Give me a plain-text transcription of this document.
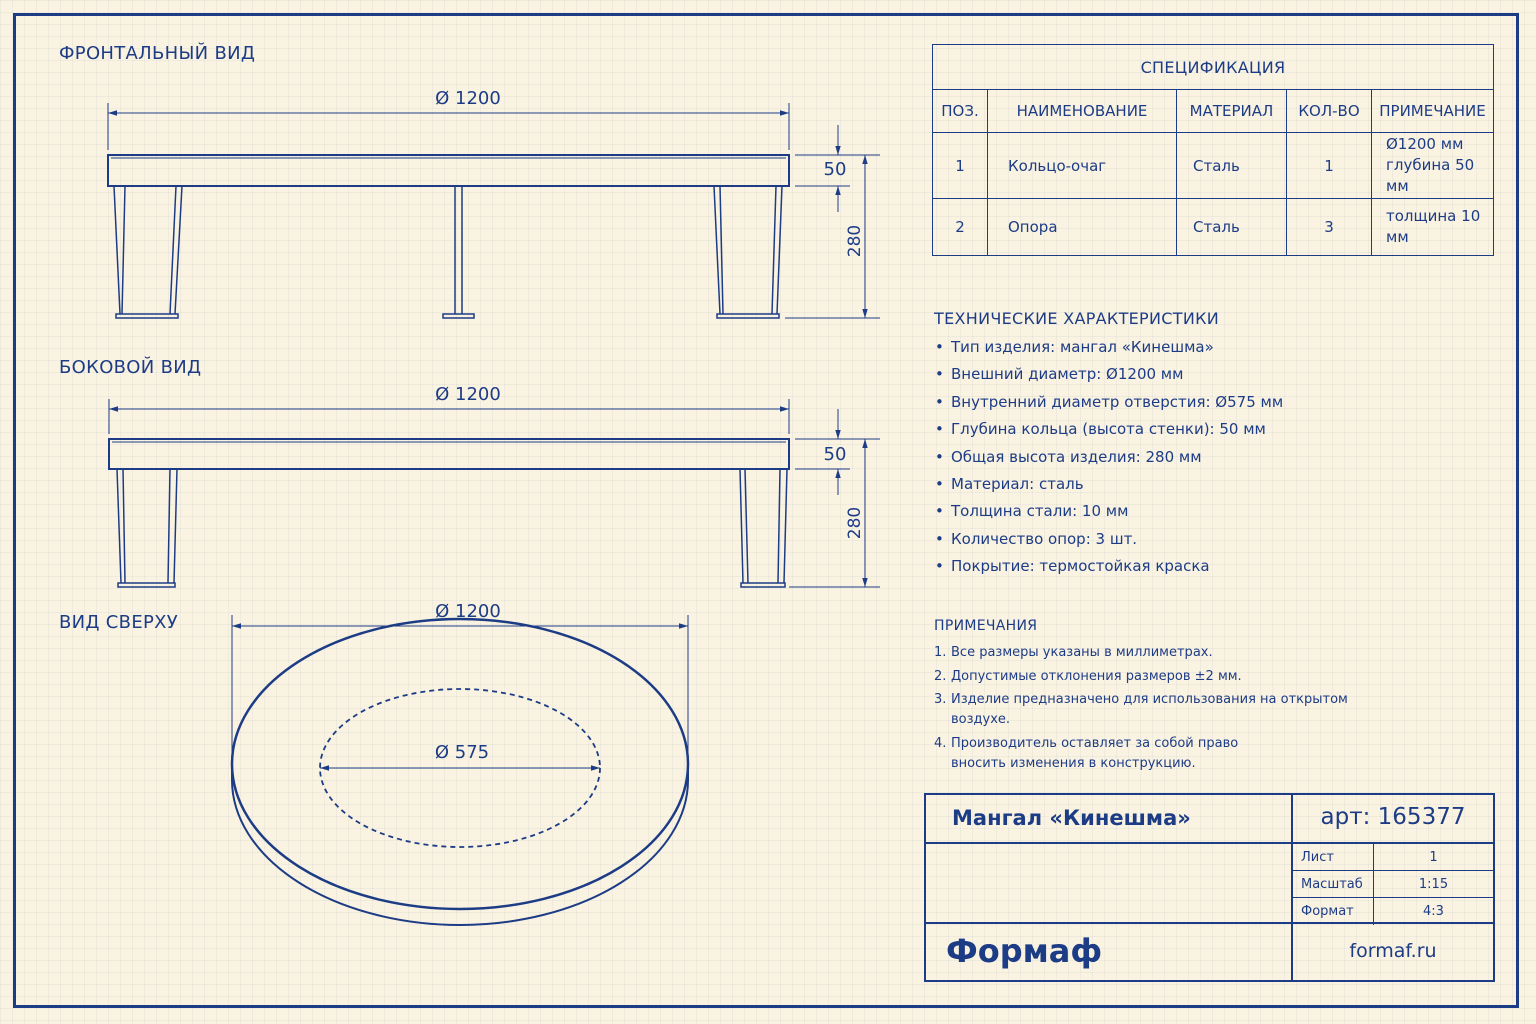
ФРОНТАЛЬНЫЙ ВИД
БОКОВОЙ ВИД
ВИД СВЕРХУ
Ø 1200
50
280
Ø 1200
50
280
Ø 1200
Ø 575
СПЕЦИФИКАЦИЯ				
ПОЗ.	НАИМЕНОВАНИЕ	МАТЕРИАЛ	КОЛ-ВО	ПРИМЕЧАНИЕ
1	Кольцо-очаг	Сталь	1	Ø1200 мм
глубина 50 мм

2	Опора	Сталь	3	толщина 10 мм
ТЕХНИЧЕСКИЕ ХАРАКТЕРИСТИКИ
• Тип изделия: мангал «Кинешма»
• Внешний диаметр: Ø1200 мм
• Внутренний диаметр отверстия: Ø575 мм
• Глубина кольца (высота стенки): 50 мм
• Общая высота изделия: 280 мм
• Материал: сталь
• Толщина стали: 10 мм
• Количество опор: 3 шт.
• Покрытие: термостойкая краска
ПРИМЕЧАНИЯ
1. Все размеры указаны в миллиметрах.
2. Допустимые отклонения размеров ±2 мм.
3. Изделие предназначено для использования на открытом воздухе.
4. Производитель оставляет за собой право вносить изменения в конструкцию.
Мангал «Кинешма»	арт: 165377
Лист	1
Масштаб	1:15
Формат	4:3
Формаф	formaf.ru
